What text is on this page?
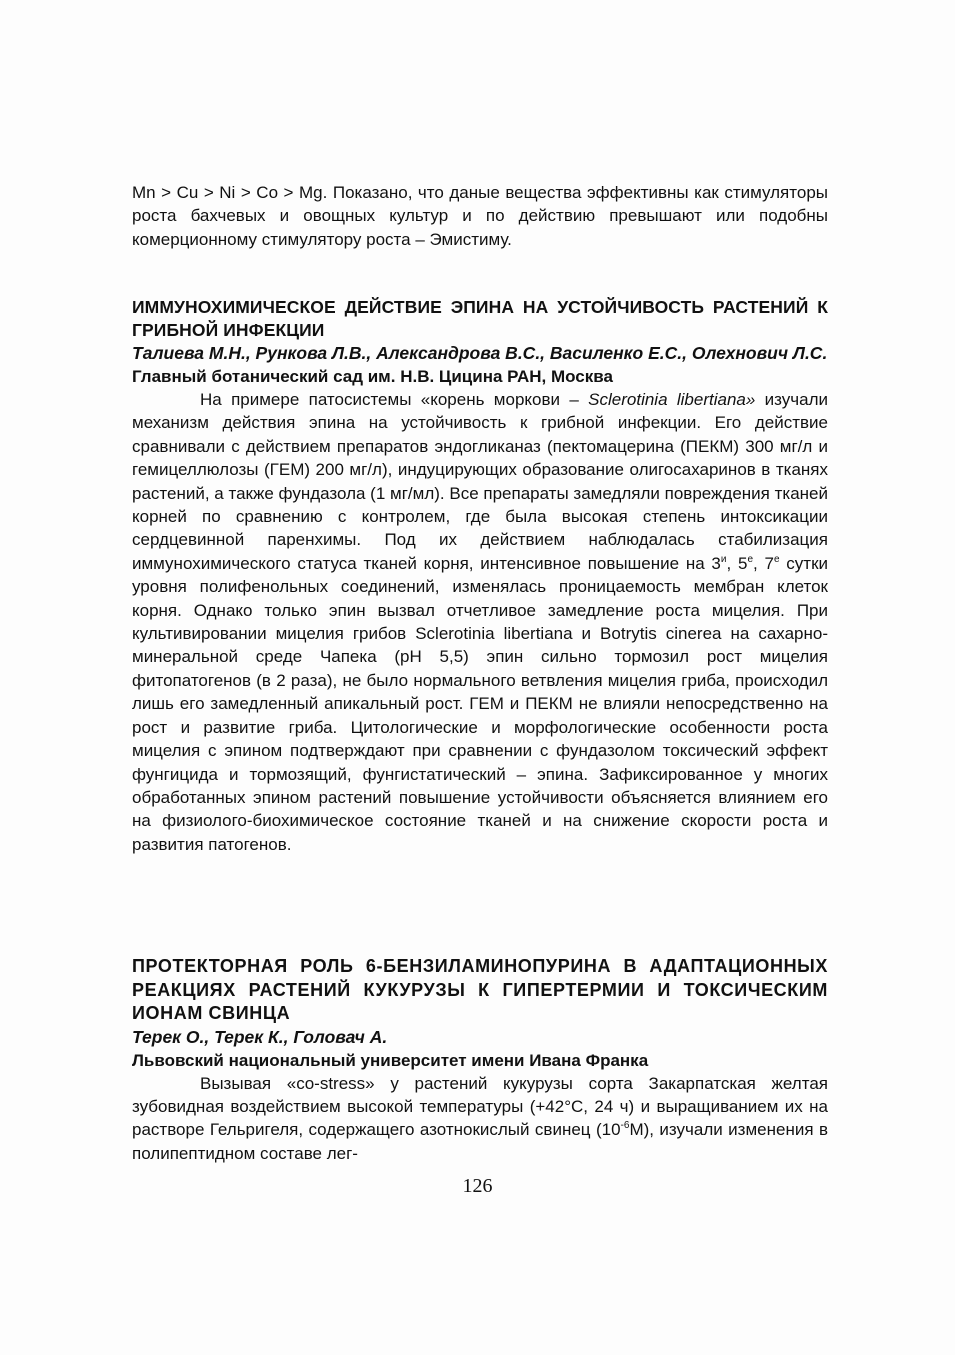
Mn > Cu > Ni > Co > Mg. Показано, что даные вещества эффективны как стимуляторы роста бахчевых и овощных культур и по действию превышают или подобны комерционному стимулятору роста – Эмистиму.

ИММУНОХИМИЧЕСКОЕ ДЕЙСТВИЕ ЭПИНА НА УСТОЙЧИВОСТЬ РАСТЕНИЙ К ГРИБНОЙ ИНФЕКЦИИ

Талиева М.Н., Рункова Л.В., Александрова В.С., Василенко Е.С., Олехнович Л.С.

Главный ботанический сад им. Н.В. Цицина РАН, Москва

На примере патосистемы «корень моркови – Sclerotinia libertiana» изучали механизм действия эпина на устойчивость к грибной инфекции. Его действие сравнивали с действием препаратов эндогликаназ (пектомацерина (ПЕКМ) 300 мг/л и гемицеллюлозы (ГЕМ) 200 мг/л), индуцирующих образование олигосахаринов в тканях растений, а также фундазола (1 мг/мл). Все препараты замедляли повреждения тканей корней по сравнению с контролем, где была высокая степень интоксикации сердцевинной паренхимы. Под их действием наблюдалась стабилизация иммунохимического статуса тканей корня, интенсивное повышение на $3^и$, $5^е$, $7^е$ сутки уровня полифенольных соединений, изменялась проницаемость мембран клеток корня. Однако только эпин вызвал отчетливое замедление роста мицелия. При культивировании мицелия грибов Sclerotinia libertiana и Botrytis cinerea на сахарно-минеральной среде Чапека (pH 5,5) эпин сильно тормозил рост мицелия фитопатогенов (в 2 раза), не было нормального ветвления мицелия гриба, происходил лишь его замедленный апикальный рост. ГЕМ и ПЕКМ не влияли непосредственно на рост и развитие гриба. Цитологические и морфологические особенности роста мицелия с эпином подтверждают при сравнении с фундазолом токсический эффект фунгицида и тормозящий, фунгистатический – эпина. Зафиксированное у многих обработанных эпином растений повышение устойчивости объясняется влиянием его на физиолого-биохимическое состояние тканей и на снижение скорости роста и развития патогенов.

ПРОТЕКТОРНАЯ РОЛЬ 6-БЕНЗИЛАМИНОПУРИНА В АДАПТАЦИОННЫХ РЕАКЦИЯХ РАСТЕНИЙ КУКУРУЗЫ К ГИПЕРТЕРМИИ И ТОКСИЧЕСКИМ ИОНАМ СВИНЦА

Терек О., Терек К., Головач А.

Львовский национальный университет имени Ивана Франка

Вызывая «co-stress» у растений кукурузы сорта Закарпатская желтая зубовидная воздействием высокой температуры (+42°С, 24 ч) и выращиванием их на растворе Гельригеля, содержащего азотнокислый свинец $(10^{-6}М)$, изучали изменения в полипептидном составе лег-

126
